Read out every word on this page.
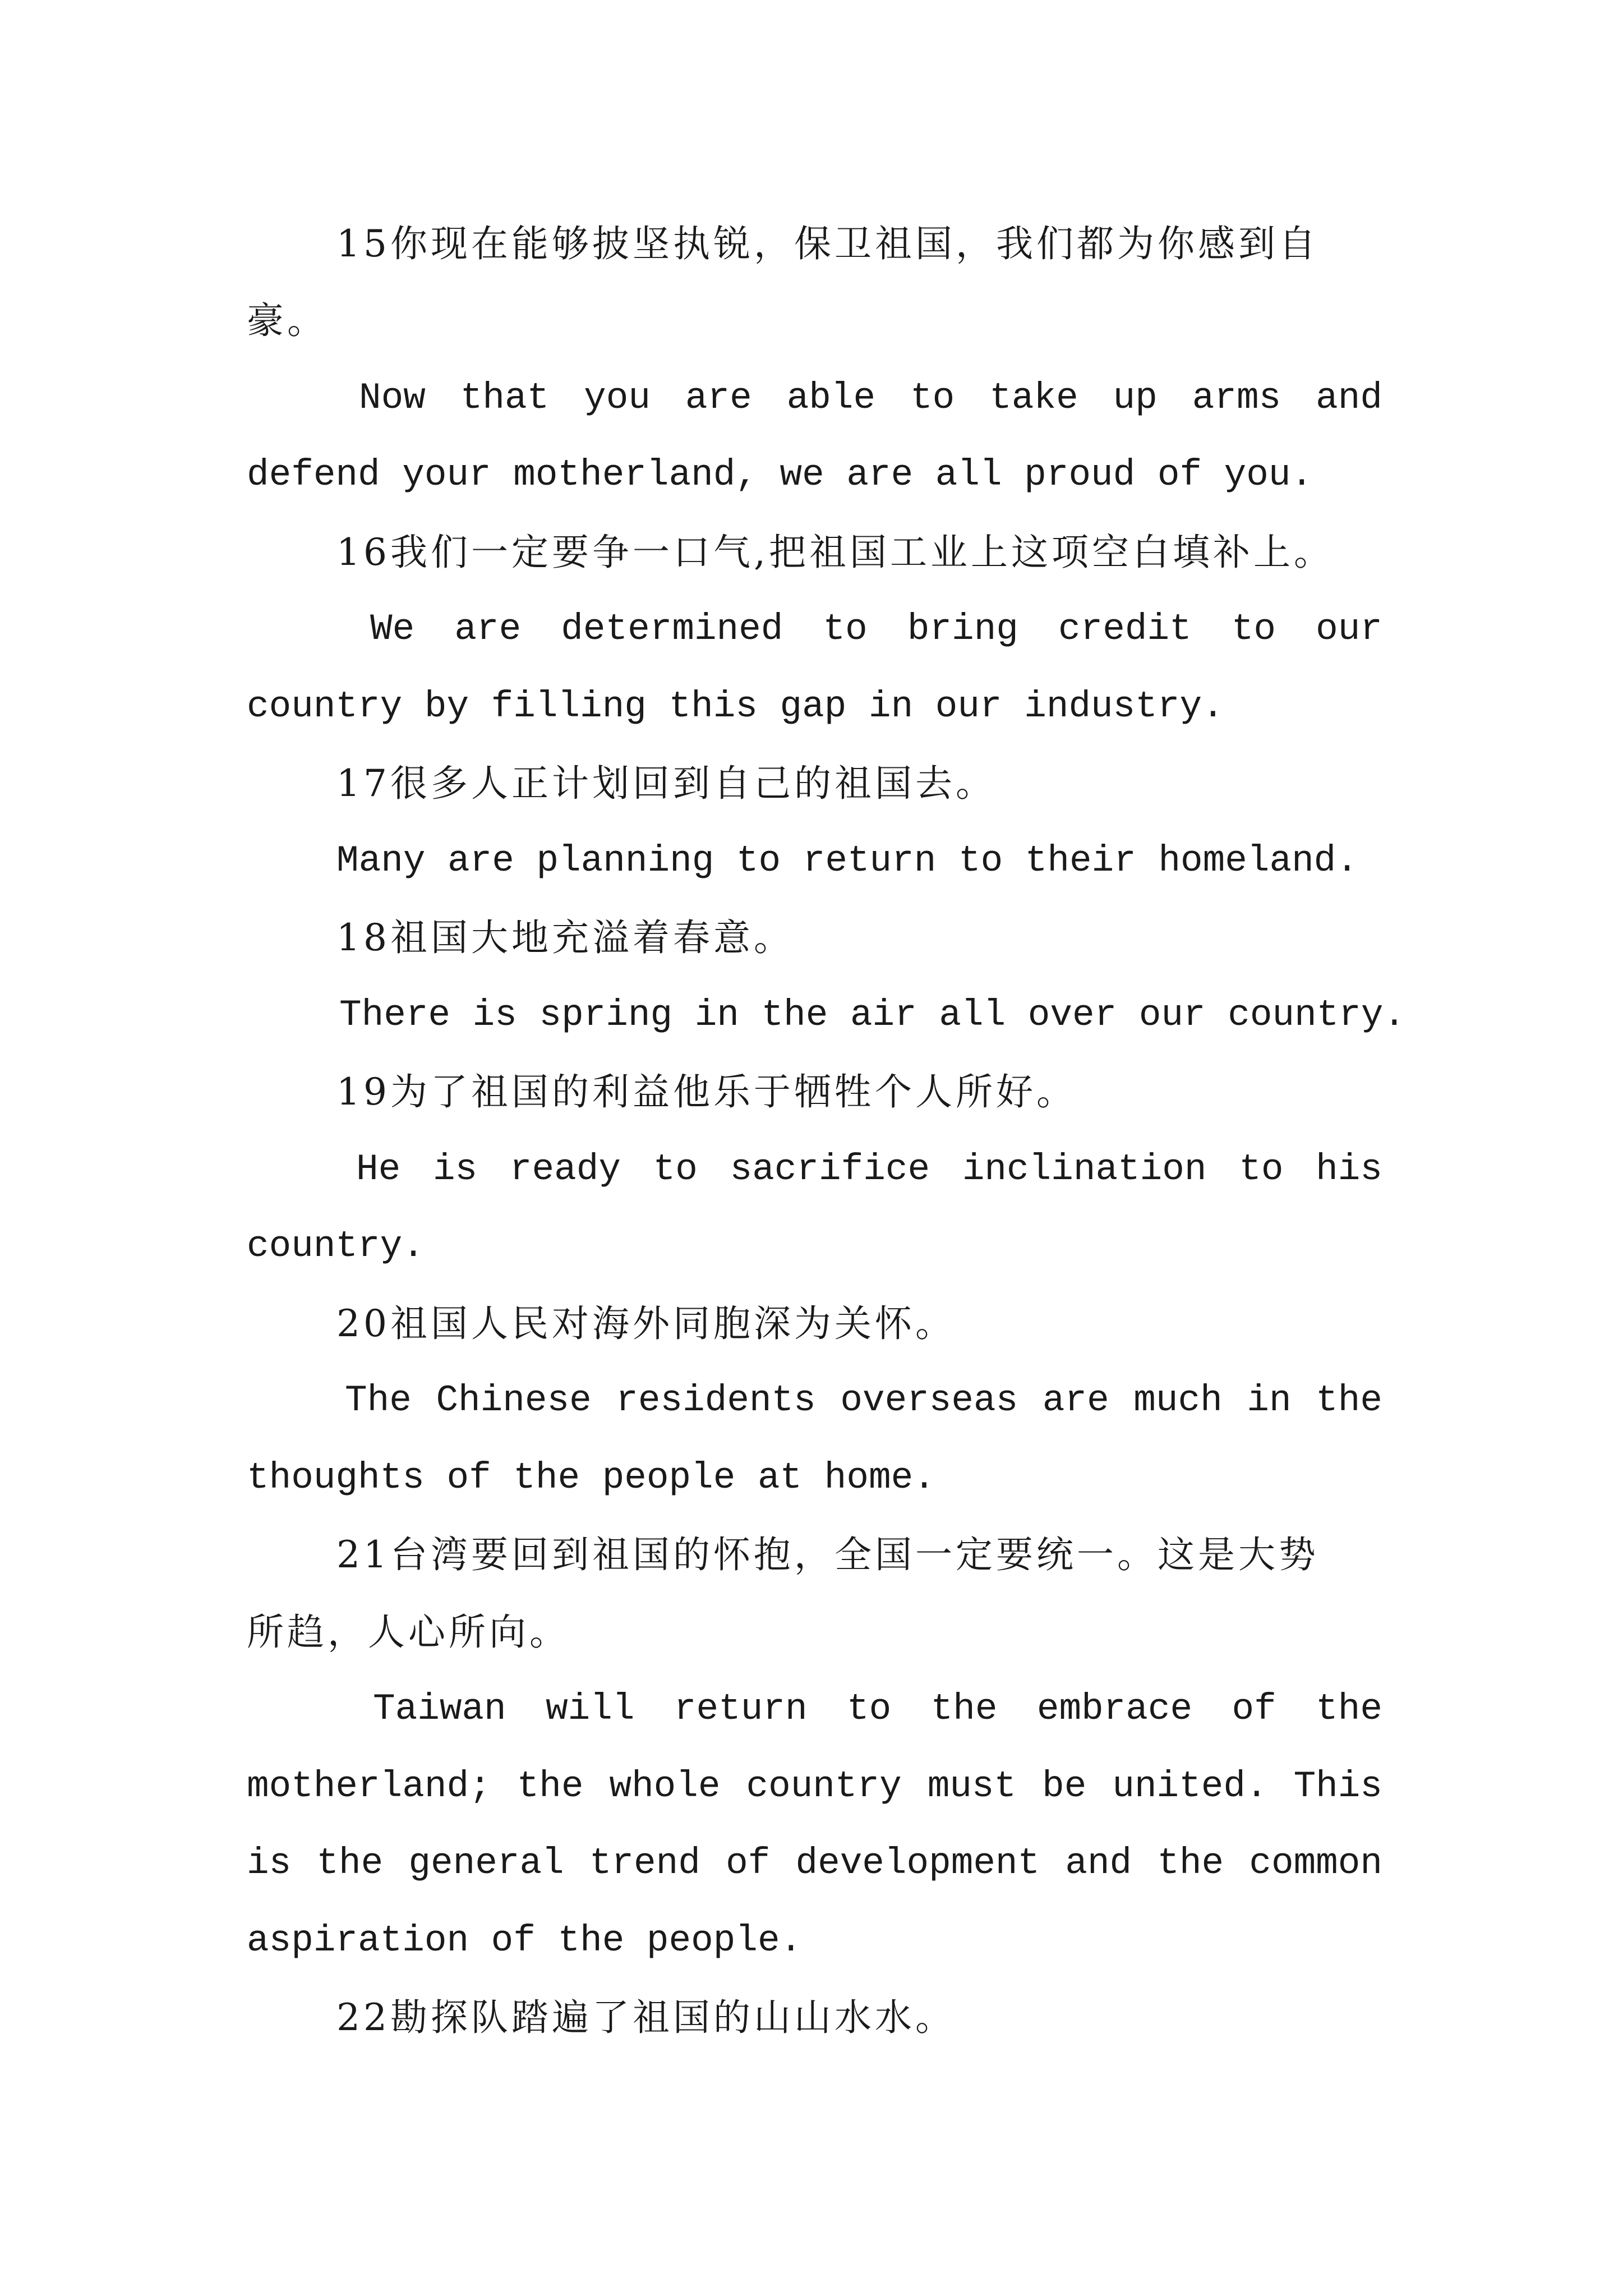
15你现在能够披坚执锐，保卫祖国，我们都为你感到自

豪。

Now that you are able to take up arms and

defend your motherland, we are all proud of you.

16我们一定要争一口气,把祖国工业上这项空白填补上。

We are determined to bring credit to our

country by filling this gap in our industry.

17很多人正计划回到自己的祖国去。

Many are planning to return to their homeland.

18祖国大地充溢着春意。

There is spring in the air all over our country.

19为了祖国的利益他乐于牺牲个人所好。

He is ready to sacrifice inclination to his

country.

20祖国人民对海外同胞深为关怀。

The Chinese residents overseas are much in the

thoughts of the people at home.

21台湾要回到祖国的怀抱，全国一定要统一。这是大势

所趋，人心所向。

Taiwan will return to the embrace of the

motherland; the whole country must be united. This

is the general trend of development and the common

aspiration of the people.

22勘探队踏遍了祖国的山山水水。
